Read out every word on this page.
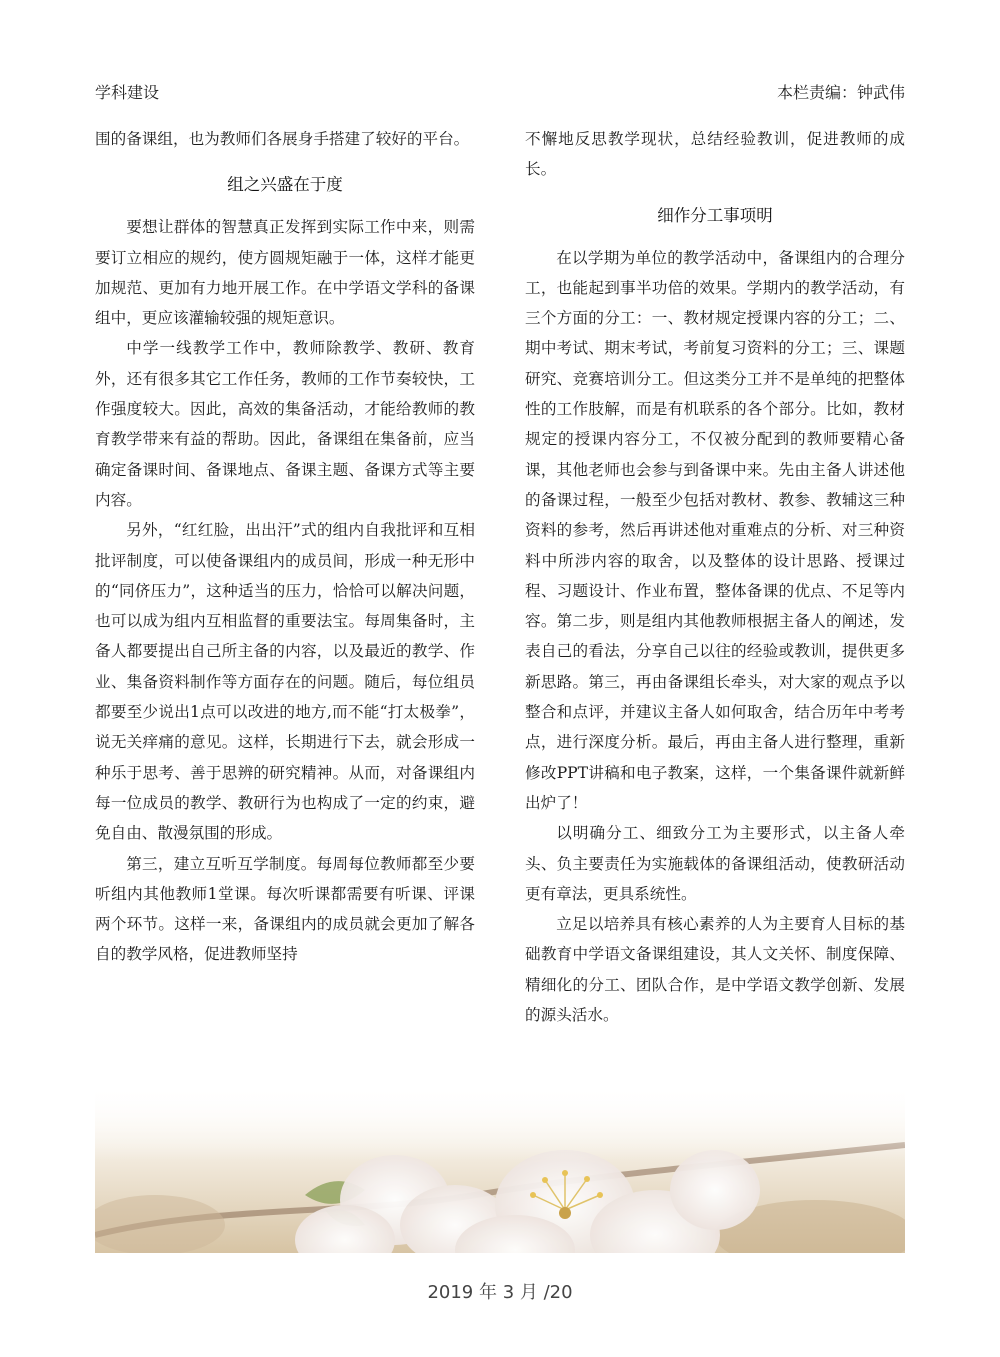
学科建设	本栏责编：钟武伟

围的备课组，也为教师们各展身手搭建了较好的平台。

组之兴盛在于度

要想让群体的智慧真正发挥到实际工作中来，则需要订立相应的规约，使方圆规矩融于一体，这样才能更加规范、更加有力地开展工作。在中学语文学科的备课组中，更应该灌输较强的规矩意识。

中学一线教学工作中，教师除教学、教研、教育外，还有很多其它工作任务，教师的工作节奏较快，工作强度较大。因此，高效的集备活动，才能给教师的教育教学带来有益的帮助。因此，备课组在集备前，应当确定备课时间、备课地点、备课主题、备课方式等主要内容。

另外，“红红脸，出出汗”式的组内自我批评和互相批评制度，可以使备课组内的成员间，形成一种无形中的“同侪压力”，这种适当的压力，恰恰可以解决问题，也可以成为组内互相监督的重要法宝。每周集备时，主备人都要提出自己所主备的内容，以及最近的教学、作业、集备资料制作等方面存在的问题。随后，每位组员都要至少说出1点可以改进的地方,而不能“打太极拳”，说无关痒痛的意见。这样，长期进行下去，就会形成一种乐于思考、善于思辨的研究精神。从而，对备课组内每一位成员的教学、教研行为也构成了一定的约束，避免自由、散漫氛围的形成。

第三，建立互听互学制度。每周每位教师都至少要听组内其他教师1堂课。每次听课都需要有听课、评课两个环节。这样一来，备课组内的成员就会更加了解各自的教学风格，促进教师坚持

不懈地反思教学现状，总结经验教训，促进教师的成长。

细作分工事项明

在以学期为单位的教学活动中，备课组内的合理分工，也能起到事半功倍的效果。学期内的教学活动，有三个方面的分工：一、教材规定授课内容的分工；二、期中考试、期末考试，考前复习资料的分工；三、课题研究、竞赛培训分工。但这类分工并不是单纯的把整体性的工作肢解，而是有机联系的各个部分。比如，教材规定的授课内容分工，不仅被分配到的教师要精心备课，其他老师也会参与到备课中来。先由主备人讲述他的备课过程，一般至少包括对教材、教参、教辅这三种资料的参考，然后再讲述他对重难点的分析、对三种资料中所涉内容的取舍，以及整体的设计思路、授课过程、习题设计、作业布置，整体备课的优点、不足等内容。第二步，则是组内其他教师根据主备人的阐述，发表自己的看法，分享自己以往的经验或教训，提供更多新思路。第三，再由备课组长牵头，对大家的观点予以整合和点评，并建议主备人如何取舍，结合历年中考考点，进行深度分析。最后，再由主备人进行整理，重新修改PPT讲稿和电子教案，这样，一个集备课件就新鲜出炉了！

以明确分工、细致分工为主要形式，以主备人牵头、负主要责任为实施载体的备课组活动，使教研活动更有章法，更具系统性。

立足以培养具有核心素养的人为主要育人目标的基础教育中学语文备课组建设，其人文关怀、制度保障、精细化的分工、团队合作，是中学语文教学创新、发展的源头活水。

2019 年 3 月 /20
